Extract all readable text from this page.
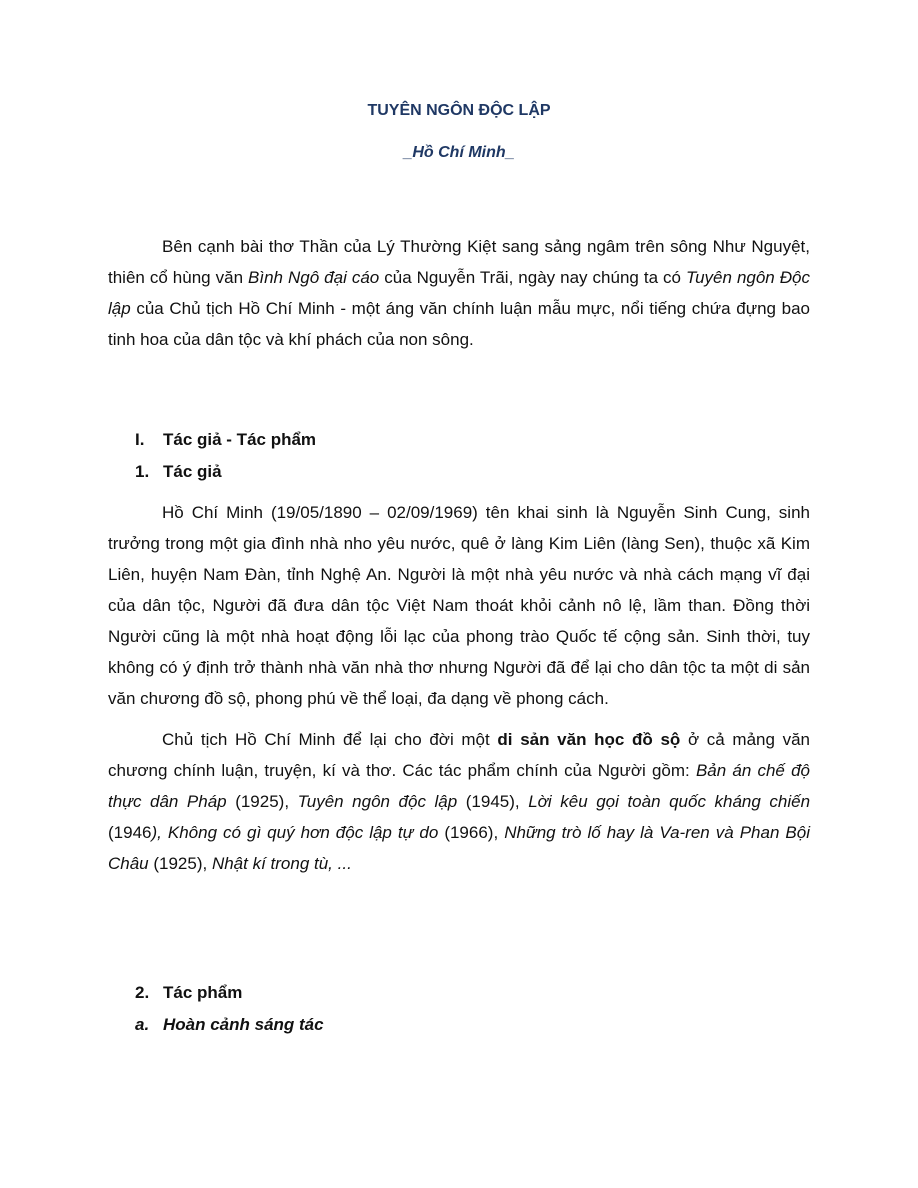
TUYÊN NGÔN ĐỘC LẬP

_Hồ Chí Minh_

Bên cạnh bài thơ Thần của Lý Thường Kiệt sang sảng ngâm trên sông Như Nguyệt, thiên cổ hùng văn Bình Ngô đại cáo của Nguyễn Trãi, ngày nay chúng ta có Tuyên ngôn Độc lập của Chủ tịch Hồ Chí Minh - một áng văn chính luận mẫu mực, nổi tiếng chứa đựng bao tinh hoa của dân tộc và khí phách của non sông.

I. Tác giả - Tác phẩm
1. Tác giả

Hồ Chí Minh (19/05/1890 – 02/09/1969) tên khai sinh là Nguyễn Sinh Cung, sinh trưởng trong một gia đình nhà nho yêu nước, quê ở làng Kim Liên (làng Sen), thuộc xã Kim Liên, huyện Nam Đàn, tỉnh Nghệ An. Người là một nhà yêu nước và nhà cách mạng vĩ đại của dân tộc, Người đã đưa dân tộc Việt Nam thoát khỏi cảnh nô lệ, lầm than. Đồng thời Người cũng là một nhà hoạt động lỗi lạc của phong trào Quốc tế cộng sản. Sinh thời, tuy không có ý định trở thành nhà văn nhà thơ nhưng Người đã để lại cho dân tộc ta một di sản văn chương đồ sộ, phong phú về thể loại, đa dạng về phong cách.

Chủ tịch Hồ Chí Minh để lại cho đời một di sản văn học đồ sộ ở cả mảng văn chương chính luận, truyện, kí và thơ. Các tác phẩm chính của Người gồm: Bản án chế độ thực dân Pháp (1925), Tuyên ngôn độc lập (1945), Lời kêu gọi toàn quốc kháng chiến (1946), Không có gì quý hơn độc lập tự do (1966), Những trò lố hay là Va-ren và Phan Bội Châu (1925), Nhật kí trong tù, ...

2. Tác phẩm
a. Hoàn cảnh sáng tác
